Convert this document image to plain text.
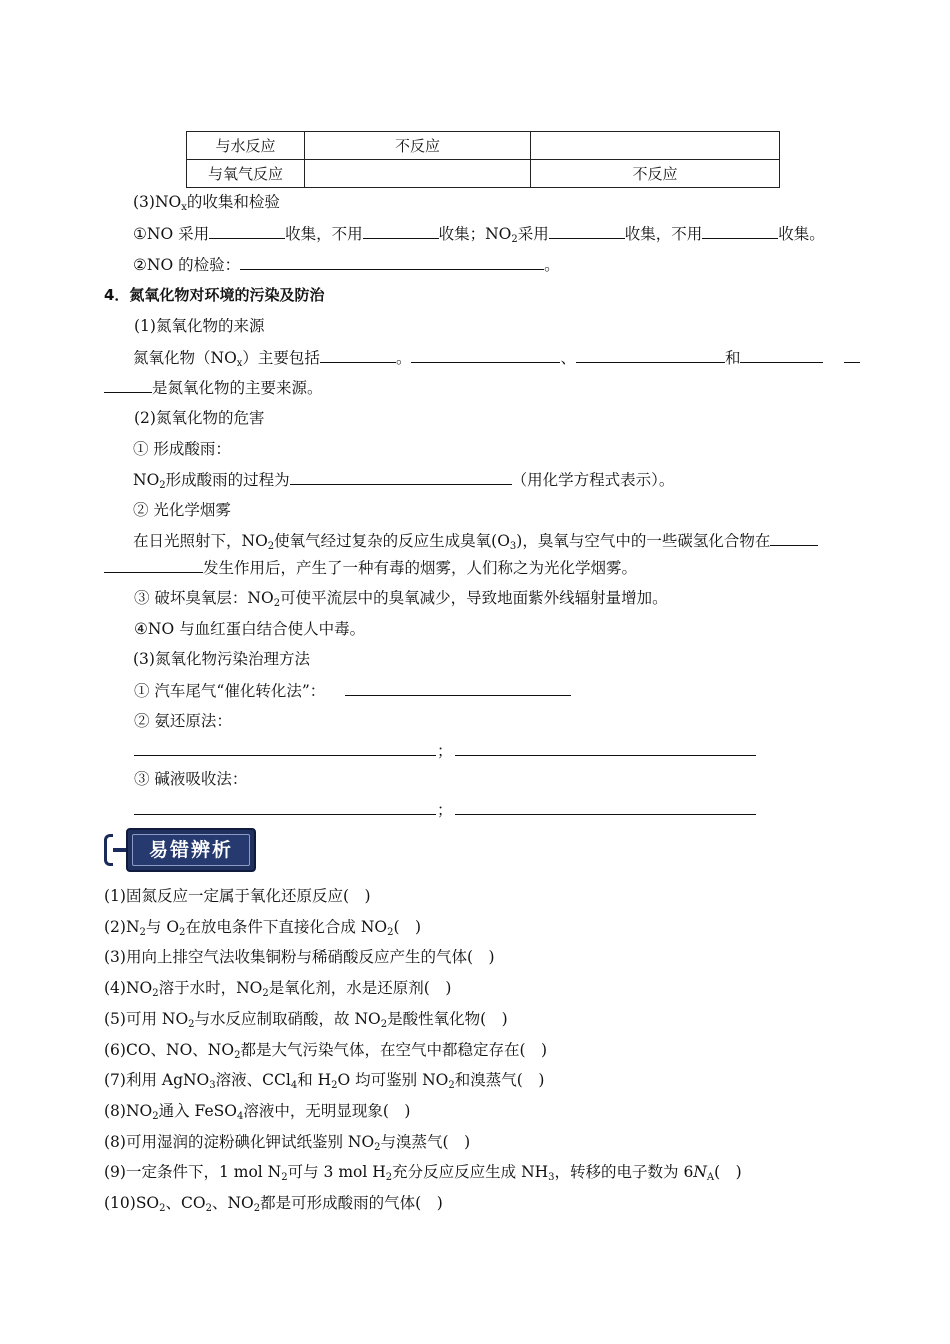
与水反应	不反应	
与氧气反应		不反应
$(3)NO_x$的收集和检验
①NO 采用	收集，不用	收集；$NO_2$采用	收集，不用	收集。
②NO 的检验：	。
4．氮氧化物对环境的污染及防治
(1)氮氧化物的来源
氮氧化物$(NO_x)$主要包括	。	、	和
是氮氧化物的主要来源。
(2)氮氧化物的危害
① 形成酸雨：
$NO_2$形成酸雨的过程为	（用化学方程式表示）。
② 光化学烟雾
在日光照射下，$NO_2$使氧气经过复杂的反应生成臭氧$(O_3)$，臭氧与空气中的一些碳氢化合物在
发生作用后，产生了一种有毒的烟雾，人们称之为光化学烟雾。
③ 破坏臭氧层：$NO_2$可使平流层中的臭氧减少，导致地面紫外线辐射量增加。
④NO 与血红蛋白结合使人中毒。
(3)氮氧化物污染治理方法
① 汽车尾气“催化转化法”：
② 氨还原法：
；
③ 碱液吸收法：
；
易错辨析
(1)固氮反应一定属于氧化还原反应(　)
$(2)N_2$与 $O_2$在放电条件下直接化合成 $NO_2$(　)
(3)用向上排空气法收集铜粉与稀硝酸反应产生的气体(　)
$(4)NO_2$溶于水时，$NO_2$是氧化剂，水是还原剂(　)
(5)可用 $NO_2$与水反应制取硝酸，故 $NO_2$是酸性氧化物(　)
(6)CO、NO、$NO_2$都是大气污染气体，在空气中都稳定存在(　)
(7)利用 AgNO$_3$溶液、CCl$_4$和 $H_2O$ 均可鉴别 $NO_2$和溴蒸气(　)
$(8)NO_2$通入 FeSO$_4$溶液中，无明显现象(　)
(8)可用湿润的淀粉碘化钾试纸鉴别 $NO_2$与溴蒸气(　)
(9)一定条件下，1 mol $N_2$可与 3 mol $H_2$充分反应反应生成 $NH_3$，转移的电子数为 $6N_A$(　)
$(10)SO_2$、$CO_2$、$NO_2$都是可形成酸雨的气体(　)
